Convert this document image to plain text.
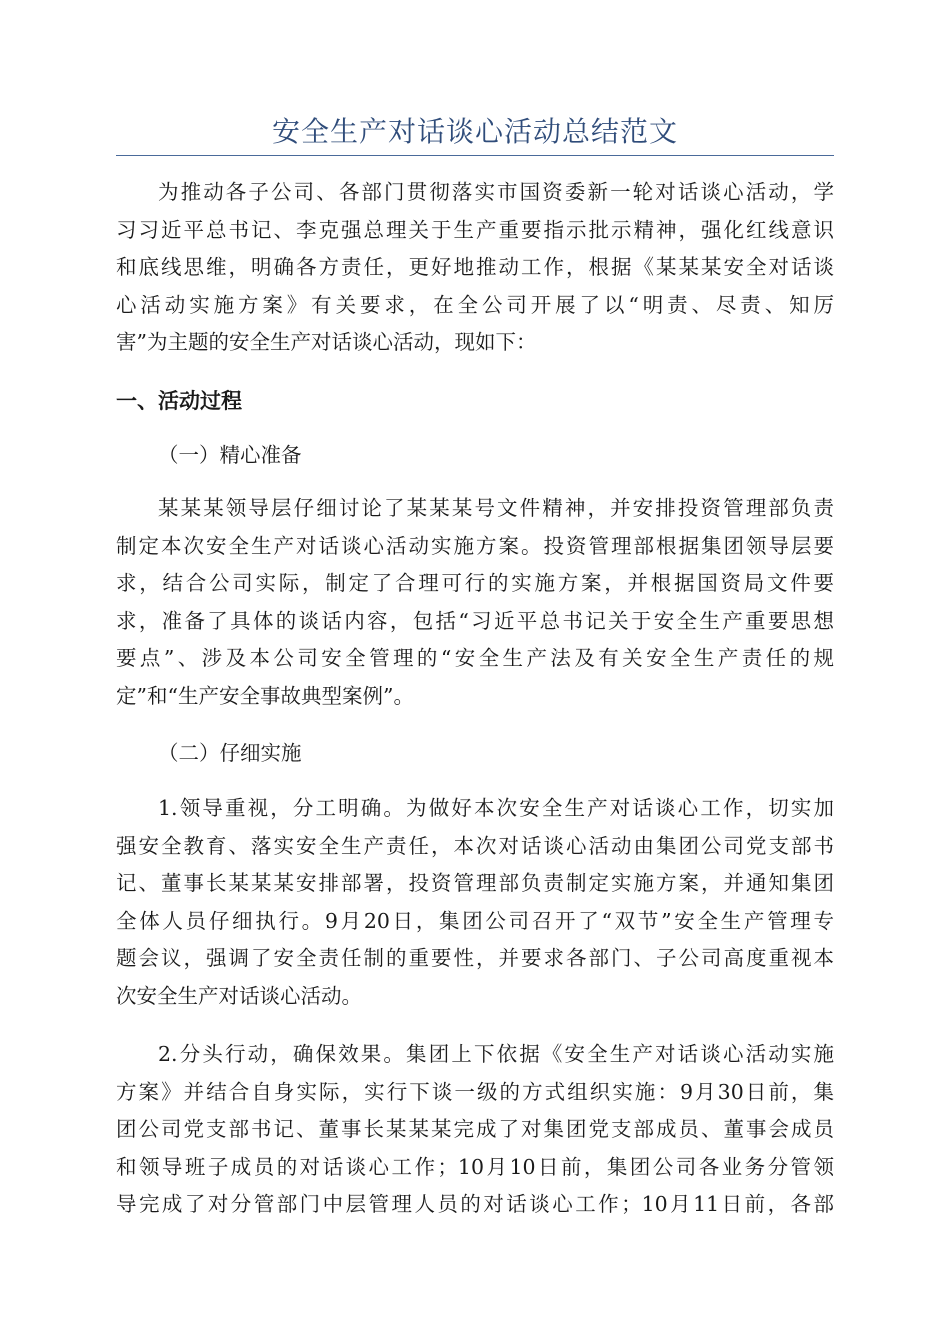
安全生产对话谈心活动总结范文

为推动各子公司、各部门贯彻落实市国资委新一轮对话谈心活动，学
习习近平总书记、李克强总理关于生产重要指示批示精神，强化红线意识
和底线思维，明确各方责任，更好地推动工作，根据《某某某安全对话谈
心活动实施方案》有关要求，在全公司开展了以“明责、尽责、知厉
害”为主题的安全生产对话谈心活动，现如下：

一、活动过程
（一）精心准备

某某某领导层仔细讨论了某某某号文件精神，并安排投资管理部负责
制定本次安全生产对话谈心活动实施方案。投资管理部根据集团领导层要
求，结合公司实际，制定了合理可行的实施方案，并根据国资局文件要
求，准备了具体的谈话内容，包括“习近平总书记关于安全生产重要思想
要点”、涉及本公司安全管理的“安全生产法及有关安全生产责任的规
定”和“生产安全事故典型案例”。

（二）仔细实施

1.领导重视，分工明确。为做好本次安全生产对话谈心工作，切实加
强安全教育、落实安全生产责任，本次对话谈心活动由集团公司党支部书
记、董事长某某某安排部署，投资管理部负责制定实施方案，并通知集团
全体人员仔细执行。9月20日，集团公司召开了“双节”安全生产管理专
题会议，强调了安全责任制的重要性，并要求各部门、子公司高度重视本
次安全生产对话谈心活动。

2.分头行动，确保效果。集团上下依据《安全生产对话谈心活动实施
方案》并结合自身实际，实行下谈一级的方式组织实施：9月30日前，集
团公司党支部书记、董事长某某某完成了对集团党支部成员、董事会成员
和领导班子成员的对话谈心工作；10月10日前，集团公司各业务分管领
导完成了对分管部门中层管理人员的对话谈心工作；10月11日前，各部
